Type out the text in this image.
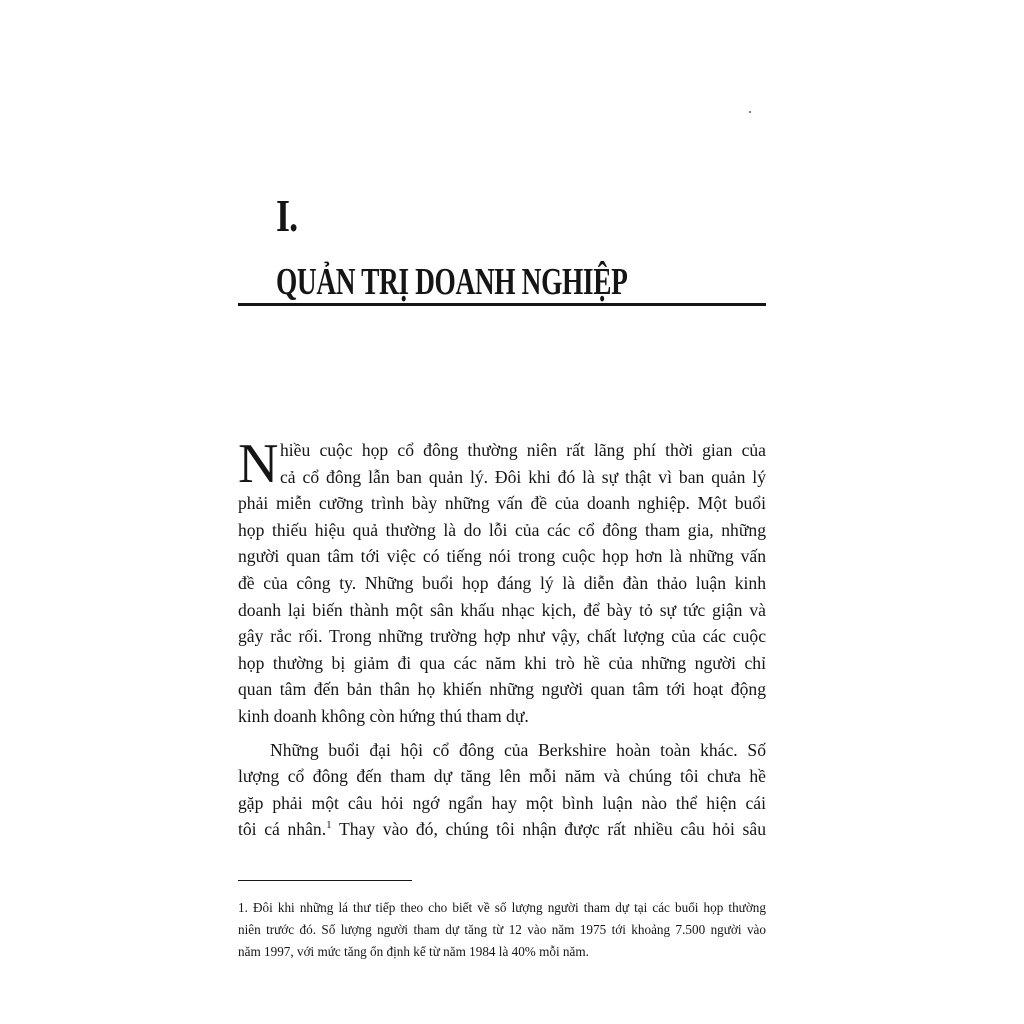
I.
QUẢN TRỊ DOANH NGHIỆP
N hiều cuộc họp cổ đông thường niên rất lãng phí thời gian của
cả cổ đông lẫn ban quản lý. Đôi khi đó là sự thật vì ban quản lý
phải miễn cưỡng trình bày những vấn đề của doanh nghiệp. Một buổi
họp thiếu hiệu quả thường là do lỗi của các cổ đông tham gia, những
người quan tâm tới việc có tiếng nói trong cuộc họp hơn là những vấn
đề của công ty. Những buổi họp đáng lý là diễn đàn thảo luận kinh
doanh lại biến thành một sân khấu nhạc kịch, để bày tỏ sự tức giận và
gây rắc rối. Trong những trường hợp như vậy, chất lượng của các cuộc
họp thường bị giảm đi qua các năm khi trò hề của những người chỉ
quan tâm đến bản thân họ khiến những người quan tâm tới hoạt động
kinh doanh không còn hứng thú tham dự.
Những buổi đại hội cổ đông của Berkshire hoàn toàn khác. Số
lượng cổ đông đến tham dự tăng lên mỗi năm và chúng tôi chưa hề
gặp phải một câu hỏi ngớ ngẩn hay một bình luận nào thể hiện cái
tôi cá nhân.$^1$ Thay vào đó, chúng tôi nhận được rất nhiều câu hỏi sâu
1. Đôi khi những lá thư tiếp theo cho biết về số lượng người tham dự tại các buổi họp thường
niên trước đó. Số lượng người tham dự tăng từ 12 vào năm 1975 tới khoảng 7.500 người vào
năm 1997, với mức tăng ổn định kể từ năm 1984 là 40% mỗi năm.
